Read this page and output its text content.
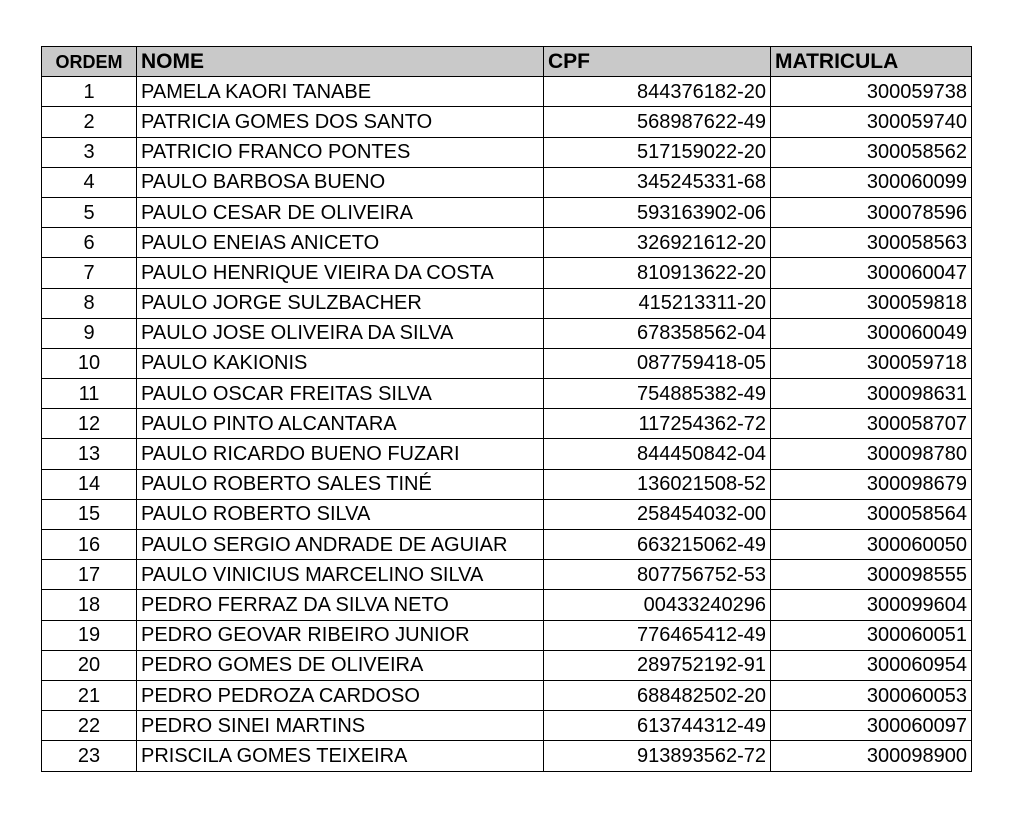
ORDEM	NOME	CPF	MATRICULA
1	PAMELA KAORI TANABE	844376182-20	300059738
2	PATRICIA GOMES DOS SANTO	568987622-49	300059740
3	PATRICIO FRANCO PONTES	517159022-20	300058562
4	PAULO BARBOSA BUENO	345245331-68	300060099
5	PAULO CESAR DE OLIVEIRA	593163902-06	300078596
6	PAULO ENEIAS ANICETO	326921612-20	300058563
7	PAULO HENRIQUE VIEIRA DA COSTA	810913622-20	300060047
8	PAULO JORGE SULZBACHER	415213311-20	300059818
9	PAULO JOSE OLIVEIRA DA SILVA	678358562-04	300060049
10	PAULO KAKIONIS	087759418-05	300059718
11	PAULO OSCAR FREITAS SILVA	754885382-49	300098631
12	PAULO PINTO ALCANTARA	117254362-72	300058707
13	PAULO RICARDO BUENO FUZARI	844450842-04	300098780
14	PAULO ROBERTO SALES TINÉ	136021508-52	300098679
15	PAULO ROBERTO SILVA	258454032-00	300058564
16	PAULO SERGIO ANDRADE DE AGUIAR	663215062-49	300060050
17	PAULO VINICIUS MARCELINO SILVA	807756752-53	300098555
18	PEDRO FERRAZ DA SILVA NETO	00433240296	300099604
19	PEDRO GEOVAR RIBEIRO JUNIOR	776465412-49	300060051
20	PEDRO GOMES DE OLIVEIRA	289752192-91	300060954
21	PEDRO PEDROZA CARDOSO	688482502-20	300060053
22	PEDRO SINEI MARTINS	613744312-49	300060097
23	PRISCILA GOMES TEIXEIRA	913893562-72	300098900
